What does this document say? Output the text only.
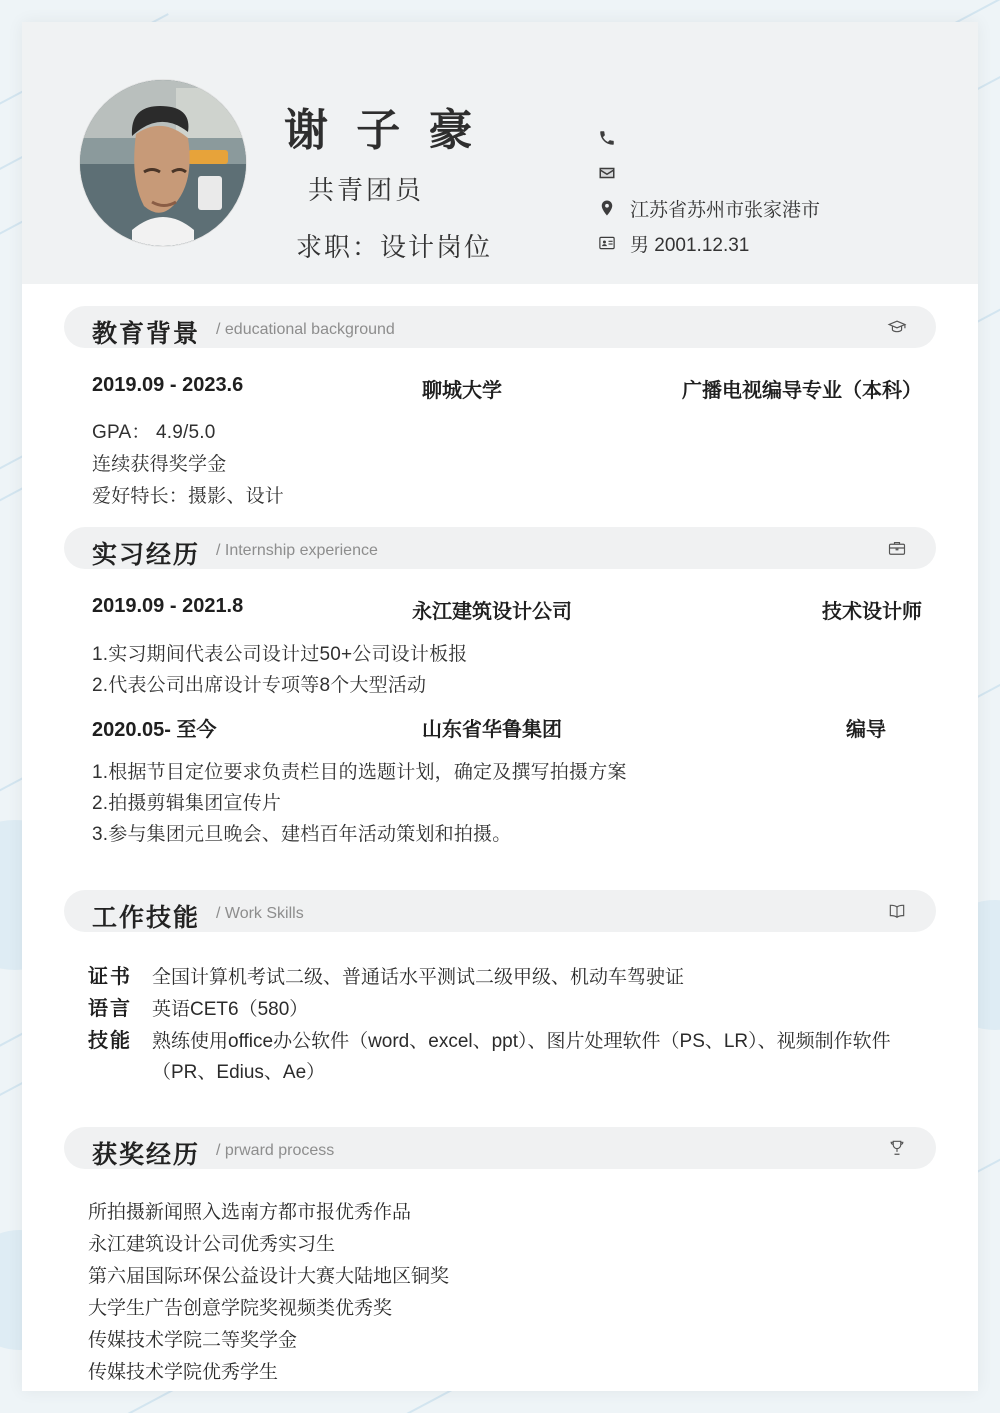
谢 子 豪
共青团员
求职：设计岗位
江苏省苏州市张家港市
男 2001.12.31
教育背景 / educational background
2019.09 - 2023.6	聊城大学	广播电视编导专业（本科）
GPA： 4.9/5.0
连续获得奖学金
爱好特长：摄影、设计
实习经历 / Internship experience
2019.09 - 2021.8	永江建筑设计公司	技术设计师
1.实习期间代表公司设计过50+公司设计板报
2.代表公司出席设计专项等8个大型活动
2020.05- 至今	山东省华鲁集团	编导
1.根据节目定位要求负责栏目的选题计划，确定及撰写拍摄方案
2.拍摄剪辑集团宣传片
3.参与集团元旦晚会、建档百年活动策划和拍摄。
工作技能 / Work Skills
证书 全国计算机考试二级、普通话水平测试二级甲级、机动车驾驶证
语言 英语CET6（580）
技能 熟练使用office办公软件（word、excel、ppt）、图片处理软件（PS、LR）、视频制作软件（PR、Edius、Ae）
获奖经历 / prward process
所拍摄新闻照入选南方都市报优秀作品
永江建筑设计公司优秀实习生
第六届国际环保公益设计大赛大陆地区铜奖
大学生广告创意学院奖视频类优秀奖
传媒技术学院二等奖学金
传媒技术学院优秀学生
